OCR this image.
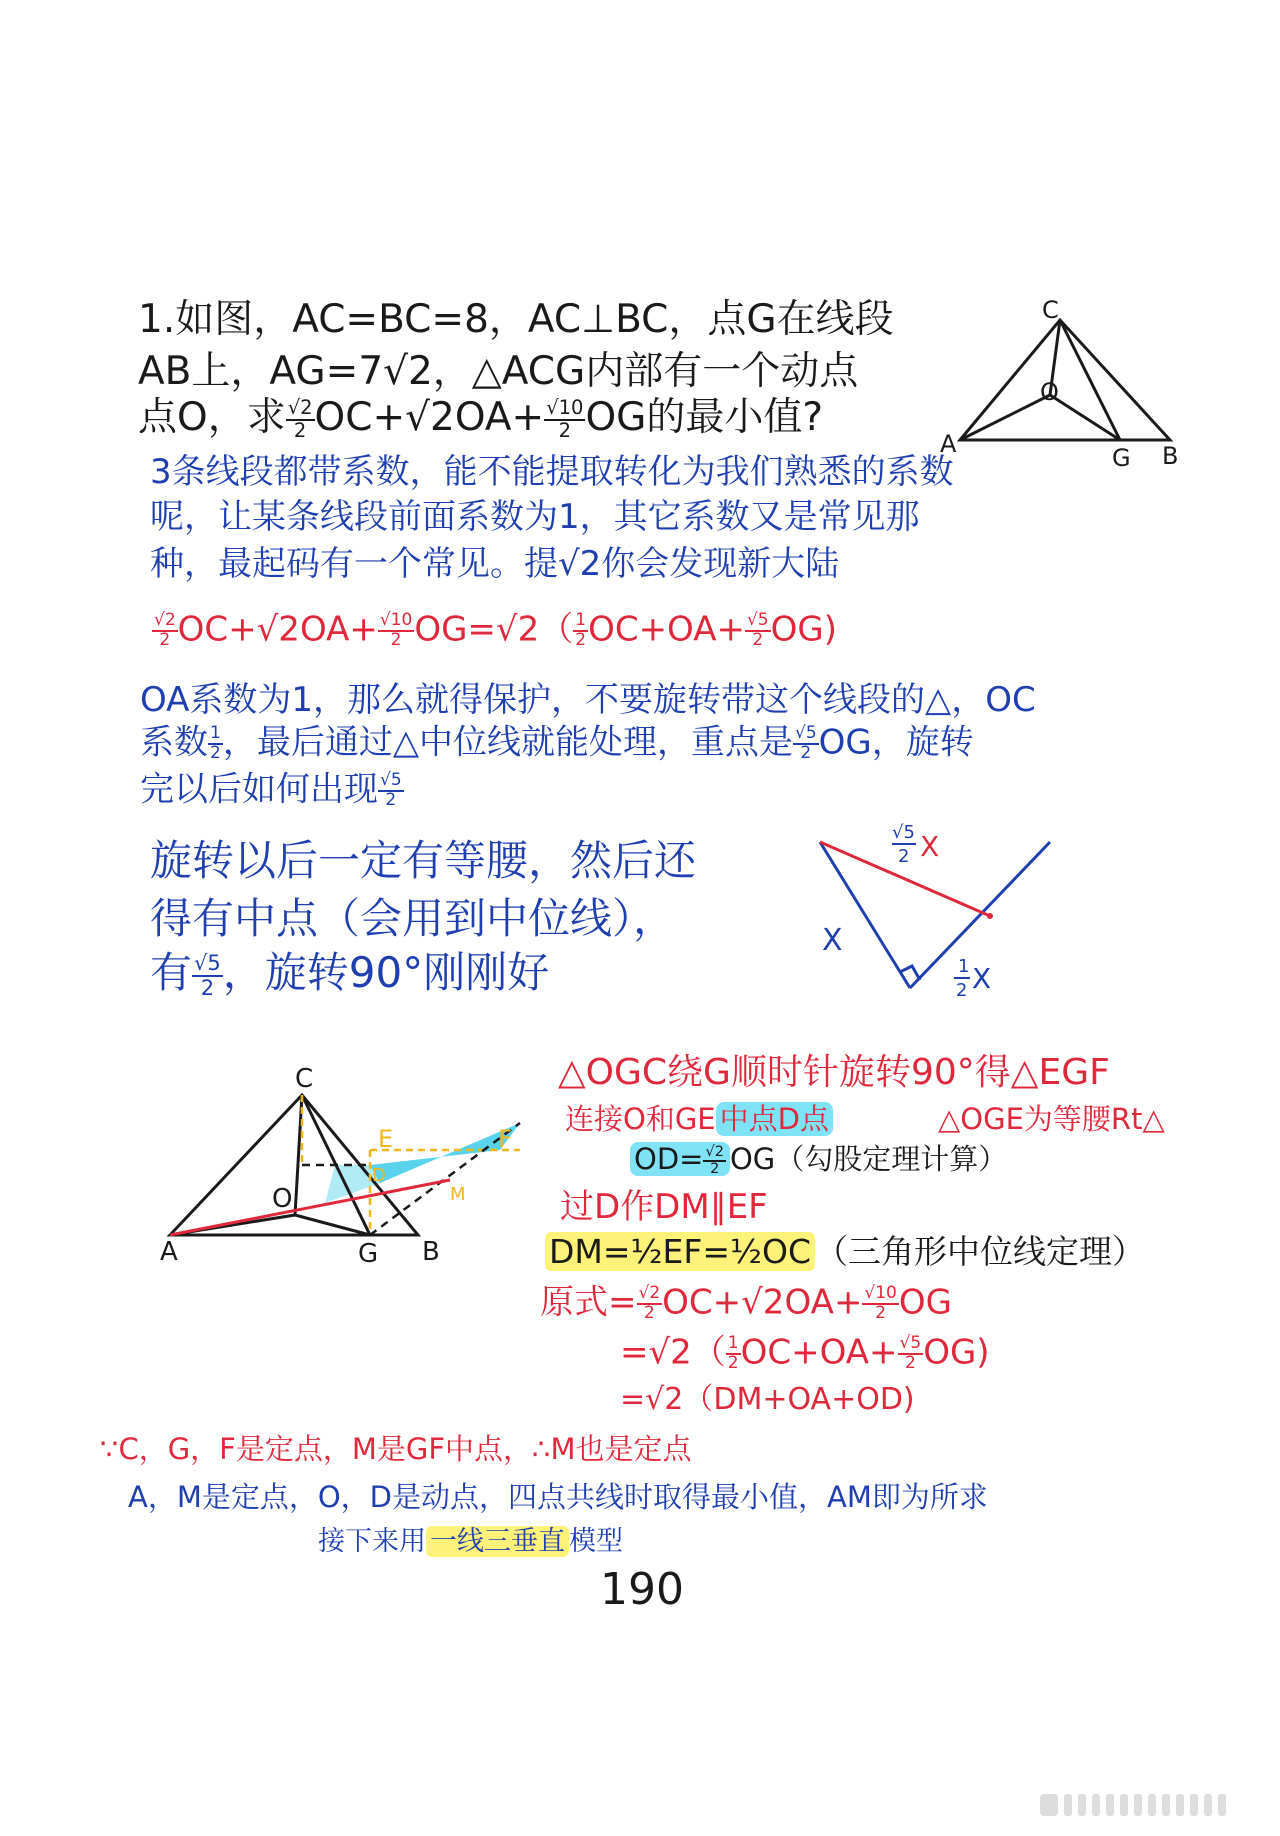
1.如图，AC=BC=8，AC⊥BC，点G在线段
AB上，AG=7√2，△ACG内部有一个动点
点O，求 $\frac{√2}{2} OC+√2OA+ \frac{√10}{2}$ OG的最小值?
C
O
A	G B
3条线段都带系数，能不能提取转化为我们熟悉的系数
呢，让某条线段前面系数为1，其它系数又是常见那
种，最起码有一个常见。提√2你会发现新大陆
$\frac{√2}{2} OC+√2OA+ \frac{√10}{2} OG=√2( \frac{1}{2} OC+OA+ \frac{√5}{2} OG)$
OA系数为1，那么就得保护，不要旋转带这个线段的△，OC
系数 $\frac{1}{2}$ ，最后通过△中位线就能处理，重点是 $\frac{√5}{2}$ OG，旋转
完以后如何出现 $\frac{√5}{2}$
旋转以后一定有等腰，然后还
得有中点（会用到中位线），
有 $\frac{√5}{2}$ ，旋转90°刚刚好
X
√5
2 X
1
2 X
C
E	F
O
D
M
A	G B
△OGC绕G顺时针旋转90°得△EGF
连接O和GE 中点D点	△OGE为等腰Rt△
$OD= \frac{√2}{2} OG$（勾股定理计算）
过D作DM∥EF
DM=½EF=½OC （三角形中位线定理）
原式= $\frac{√2}{2} OC+√2OA+ \frac{√10}{2}$ OG
$=√2( \frac{1}{2} OC+OA+ \frac{√5}{2} OG)$
=√2（DM+OA+OD)
∵C，G，F是定点，M是GF中点，∴M也是定点
A，M是定点，O，D是动点，四点共线时取得最小值，AM即为所求
接下来用 一线三垂直 模型
190
